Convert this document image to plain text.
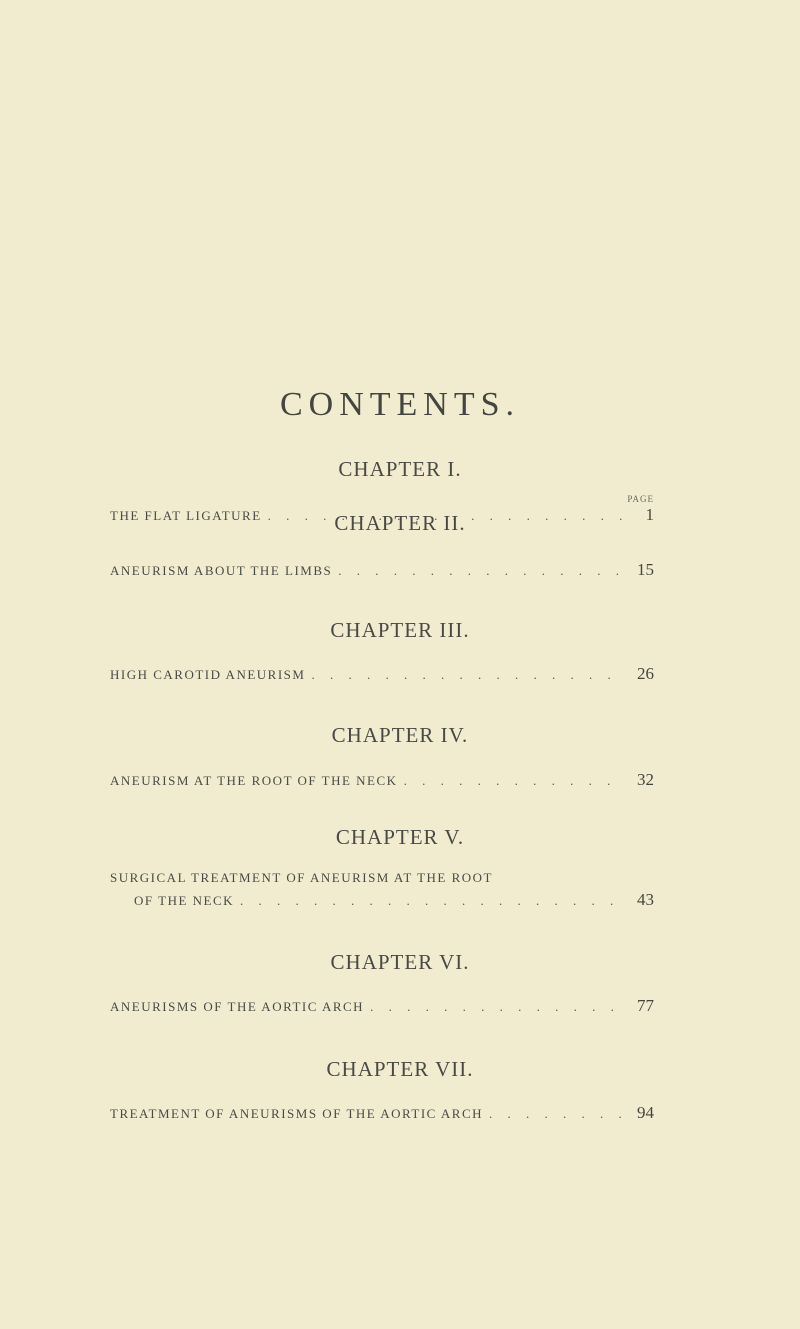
CONTENTS.
CHAPTER I.
PAGE
THE FLAT LIGATURE . . .	1
CHAPTER II.
ANEURISM ABOUT THE LIMBS . . .	15
CHAPTER III.
HIGH CAROTID ANEURISM . . .	26
CHAPTER IV.
ANEURISM AT THE ROOT OF THE NECK . . .	32
CHAPTER V.
SURGICAL TREATMENT OF ANEURISM AT THE ROOT
OF THE NECK . . .	43
CHAPTER VI.
ANEURISMS OF THE AORTIC ARCH . . .	77
CHAPTER VII.
TREATMENT OF ANEURISMS OF THE AORTIC ARCH . . .	94
